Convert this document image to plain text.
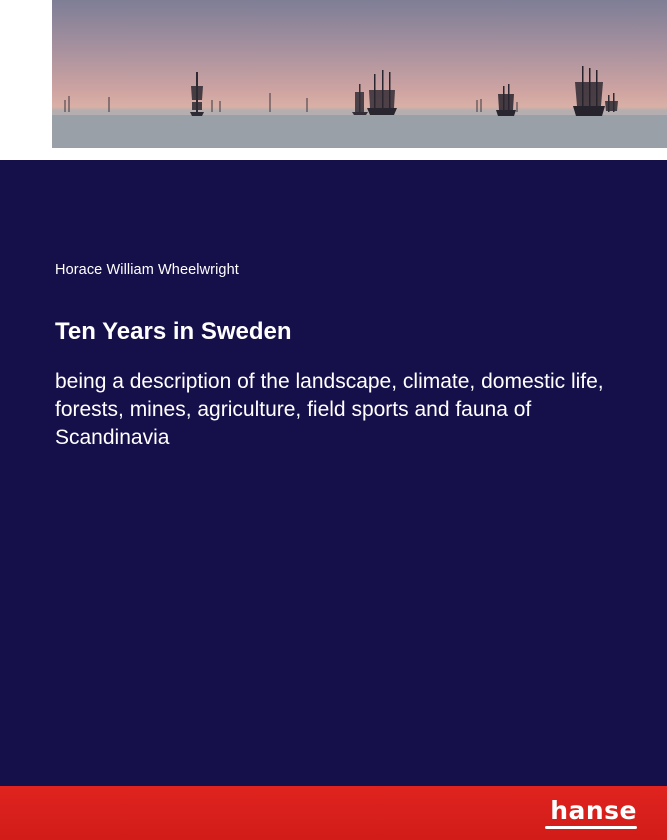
Horace William Wheelwright
Ten Years in Sweden
being a description of the landscape, climate, domestic life, forests, mines, agriculture, field sports and fauna of Scandinavia
hanse
